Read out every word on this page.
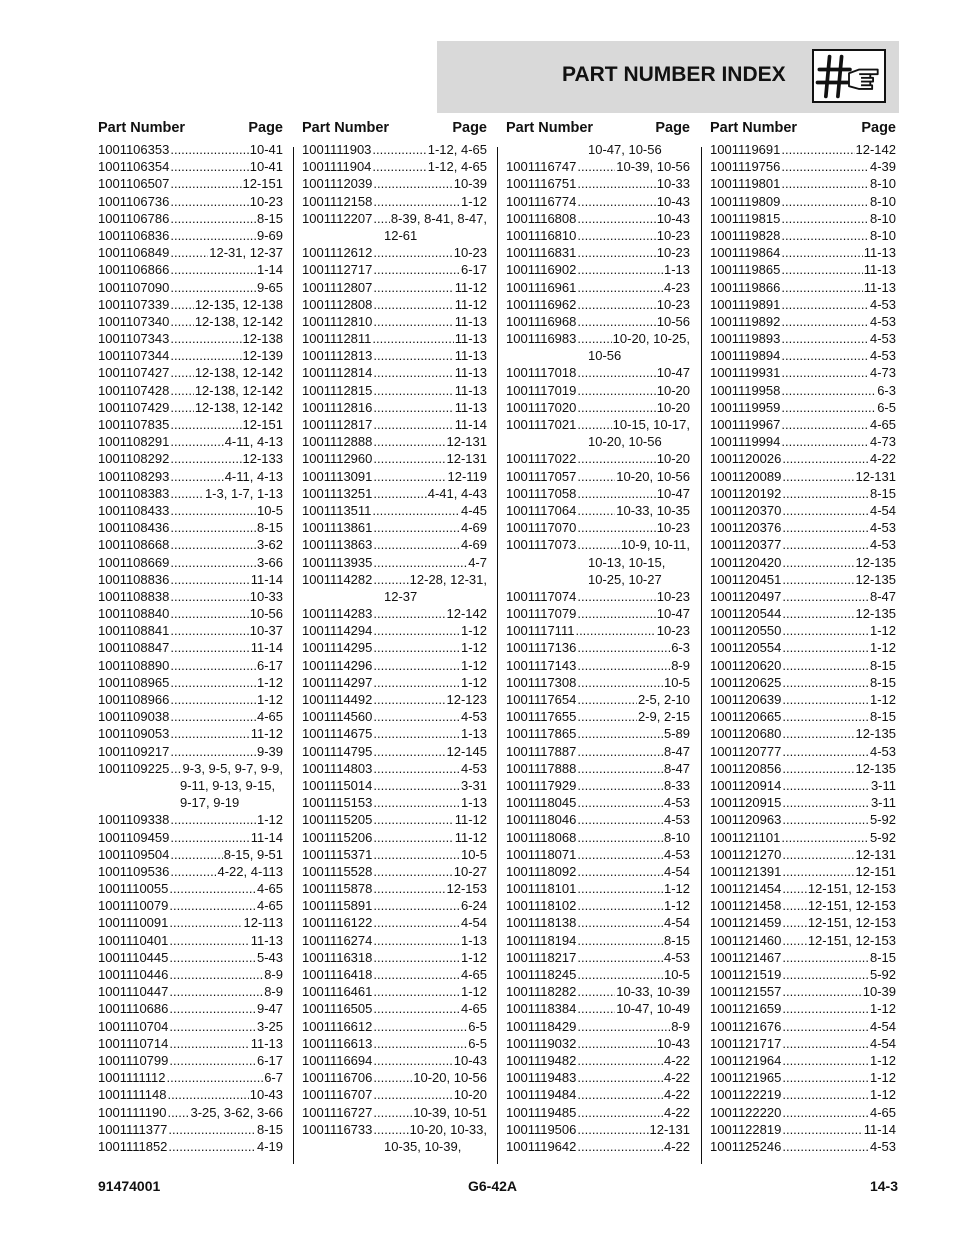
PART NUMBER INDEX
Part Number	Page
1001106353 .....	10-41
1001106354 .....	10-41
1001106507 .....	12-151
1001106736 .....	10-23
1001106786 .....	8-15
1001106836 .....	9-69
1001106849 .....	12-31, 12-37
1001106866 .....	1-14
1001107090 .....	9-65
1001107339 ..... 12-135, 12-138
1001107340 ..... 12-138, 12-142
1001107343 .....	12-138
1001107344 .....	12-139
1001107427 ..... 12-138, 12-142
1001107428 ..... 12-138, 12-142
1001107429 ..... 12-138, 12-142
1001107835 .....	12-151
1001108291 .....	4-11, 4-13
1001108292 .....	12-133
1001108293 .....	4-11, 4-13
1001108383 .....	1-3, 1-7, 1-13
1001108433 .....	10-5
1001108436 .....	8-15
1001108668 .....	3-62
1001108669 .....	3-66
1001108836 .....	11-14
1001108838 .....	10-33
1001108840 .....	10-56
1001108841 .....	10-37
1001108847 .....	11-14
1001108890 .....	6-17
1001108965 .....	1-12
1001108966 .....	1-12
1001109038 .....	4-65
1001109053 .....	11-12
1001109217 .....	9-39
1001109225 ..... 9-3, 9-5, 9-7, 9-9,
9-11, 9-13, 9-15,
9-17, 9-19
1001109338 .....	1-12
1001109459 .....	11-14
1001109504 .....	8-15, 9-51
1001109536 .....	4-22, 4-113
1001110055 .....	4-65
1001110079 .....	4-65
1001110091 .....	12-113
1001110401 .....	11-13
1001110445 .....	5-43
1001110446 .....	8-9
1001110447 .....	8-9
1001110686 .....	9-47
1001110704 .....	3-25
1001110714 .....	11-13
1001110799 .....	6-17
1001111112 .....	6-7
1001111148 .....	10-43
1001111190 ..... 3-25, 3-62, 3-66
1001111377 .....	8-15
1001111852 .....	4-19
Part Number	Page
1001111903 .....	1-12, 4-65
1001111904 .....	1-12, 4-65
1001112039 .....	10-39
1001112158 .....	1-12
1001112207 ..... 8-39, 8-41, 8-47,
12-61
1001112612 .....	10-23
1001112717 .....	6-17
1001112807 .....	11-12
1001112808 .....	11-12
1001112810 .....	11-13
1001112811 .....	11-13
1001112813 .....	11-13
1001112814 .....	11-13
1001112815 .....	11-13
1001112816 .....	11-13
1001112817 .....	11-14
1001112888 .....	12-131
1001112960 .....	12-131
1001113091 .....	12-119
1001113251 .....	4-41, 4-43
1001113511 .....	4-45
1001113861 .....	4-69
1001113863 .....	4-69
1001113935 .....	4-7
1001114282 .....	12-28, 12-31,
12-37
1001114283 .....	12-142
1001114294 .....	1-12
1001114295 .....	1-12
1001114296 .....	1-12
1001114297 .....	1-12
1001114492 .....	12-123
1001114560 .....	4-53
1001114675 .....	1-13
1001114795 .....	12-145
1001114803 .....	4-53
1001115014 .....	3-31
1001115153 .....	1-13
1001115205 .....	11-12
1001115206 .....	11-12
1001115371 .....	10-5
1001115528 .....	10-27
1001115878 .....	12-153
1001115891 .....	6-24
1001116122 .....	4-54
1001116274 .....	1-13
1001116318 .....	1-12
1001116418 .....	4-65
1001116461 .....	1-12
1001116505 .....	4-65
1001116612 .....	6-5
1001116613 .....	6-5
1001116694 .....	10-43
1001116706 .....	10-20, 10-56
1001116707 .....	10-20
1001116727 .....	10-39, 10-51
1001116733 .....	10-20, 10-33,
10-35, 10-39,
Part Number	Page
10-47, 10-56
1001116747 .....	10-39, 10-56
1001116751 .....	10-33
1001116774 .....	10-43
1001116808 .....	10-43
1001116810 .....	10-23
1001116831 .....	10-23
1001116902 .....	1-13
1001116961 .....	4-23
1001116962 .....	10-23
1001116968 .....	10-56
1001116983 .....	10-20, 10-25,
10-56
1001117018 .....	10-47
1001117019 .....	10-20
1001117020 .....	10-20
1001117021 .....	10-15, 10-17,
10-20, 10-56
1001117022 .....	10-20
1001117057 .....	10-20, 10-56
1001117058 .....	10-47
1001117064 .....	10-33, 10-35
1001117070 .....	10-23
1001117073 .....	10-9, 10-11,
10-13, 10-15,
10-25, 10-27
1001117074 .....	10-23
1001117079 .....	10-47
1001117111 .....	10-23
1001117136 .....	6-3
1001117143 .....	8-9
1001117308 .....	10-5
1001117654 .....	2-5, 2-10
1001117655 .....	2-9, 2-15
1001117865 .....	5-89
1001117887 .....	8-47
1001117888 .....	8-47
1001117929 .....	8-33
1001118045 .....	4-53
1001118046 .....	4-53
1001118068 .....	8-10
1001118071 .....	4-53
1001118092 .....	4-54
1001118101 .....	1-12
1001118102 .....	1-12
1001118138 .....	4-54
1001118194 .....	8-15
1001118217 .....	4-53
1001118245 .....	10-5
1001118282 .....	10-33, 10-39
1001118384 .....	10-47, 10-49
1001118429 .....	8-9
1001119032 .....	10-43
1001119482 .....	4-22
1001119483 .....	4-22
1001119484 .....	4-22
1001119485 .....	4-22
1001119506 .....	12-131
1001119642 .....	4-22
Part Number	Page
1001119691 .....	12-142
1001119756 .....	4-39
1001119801 .....	8-10
1001119809 .....	8-10
1001119815 .....	8-10
1001119828 .....	8-10
1001119864 .....	11-13
1001119865 .....	11-13
1001119866 .....	11-13
1001119891 .....	4-53
1001119892 .....	4-53
1001119893 .....	4-53
1001119894 .....	4-53
1001119931 .....	4-73
1001119958 .....	6-3
1001119959 .....	6-5
1001119967 .....	4-65
1001119994 .....	4-73
1001120026 .....	4-22
1001120089 .....	12-131
1001120192 .....	8-15
1001120370 .....	4-54
1001120376 .....	4-53
1001120377 .....	4-53
1001120420 .....	12-135
1001120451 .....	12-135
1001120497 .....	8-47
1001120544 .....	12-135
1001120550 .....	1-12
1001120554 .....	1-12
1001120620 .....	8-15
1001120625 .....	8-15
1001120639 .....	1-12
1001120665 .....	8-15
1001120680 .....	12-135
1001120777 .....	4-53
1001120856 .....	12-135
1001120914 .....	3-11
1001120915 .....	3-11
1001120963 .....	5-92
1001121101 .....	5-92
1001121270 .....	12-131
1001121391 .....	12-151
1001121454 ..... 12-151, 12-153
1001121458 ..... 12-151, 12-153
1001121459 ..... 12-151, 12-153
1001121460 ..... 12-151, 12-153
1001121467 .....	8-15
1001121519 .....	5-92
1001121557 .....	10-39
1001121659 .....	1-12
1001121676 .....	4-54
1001121717 .....	4-54
1001121964 .....	1-12
1001121965 .....	1-12
1001122219 .....	1-12
1001122220 .....	4-65
1001122819 .....	11-14
1001125246 .....	4-53
91474001	G6-42A	14-3
